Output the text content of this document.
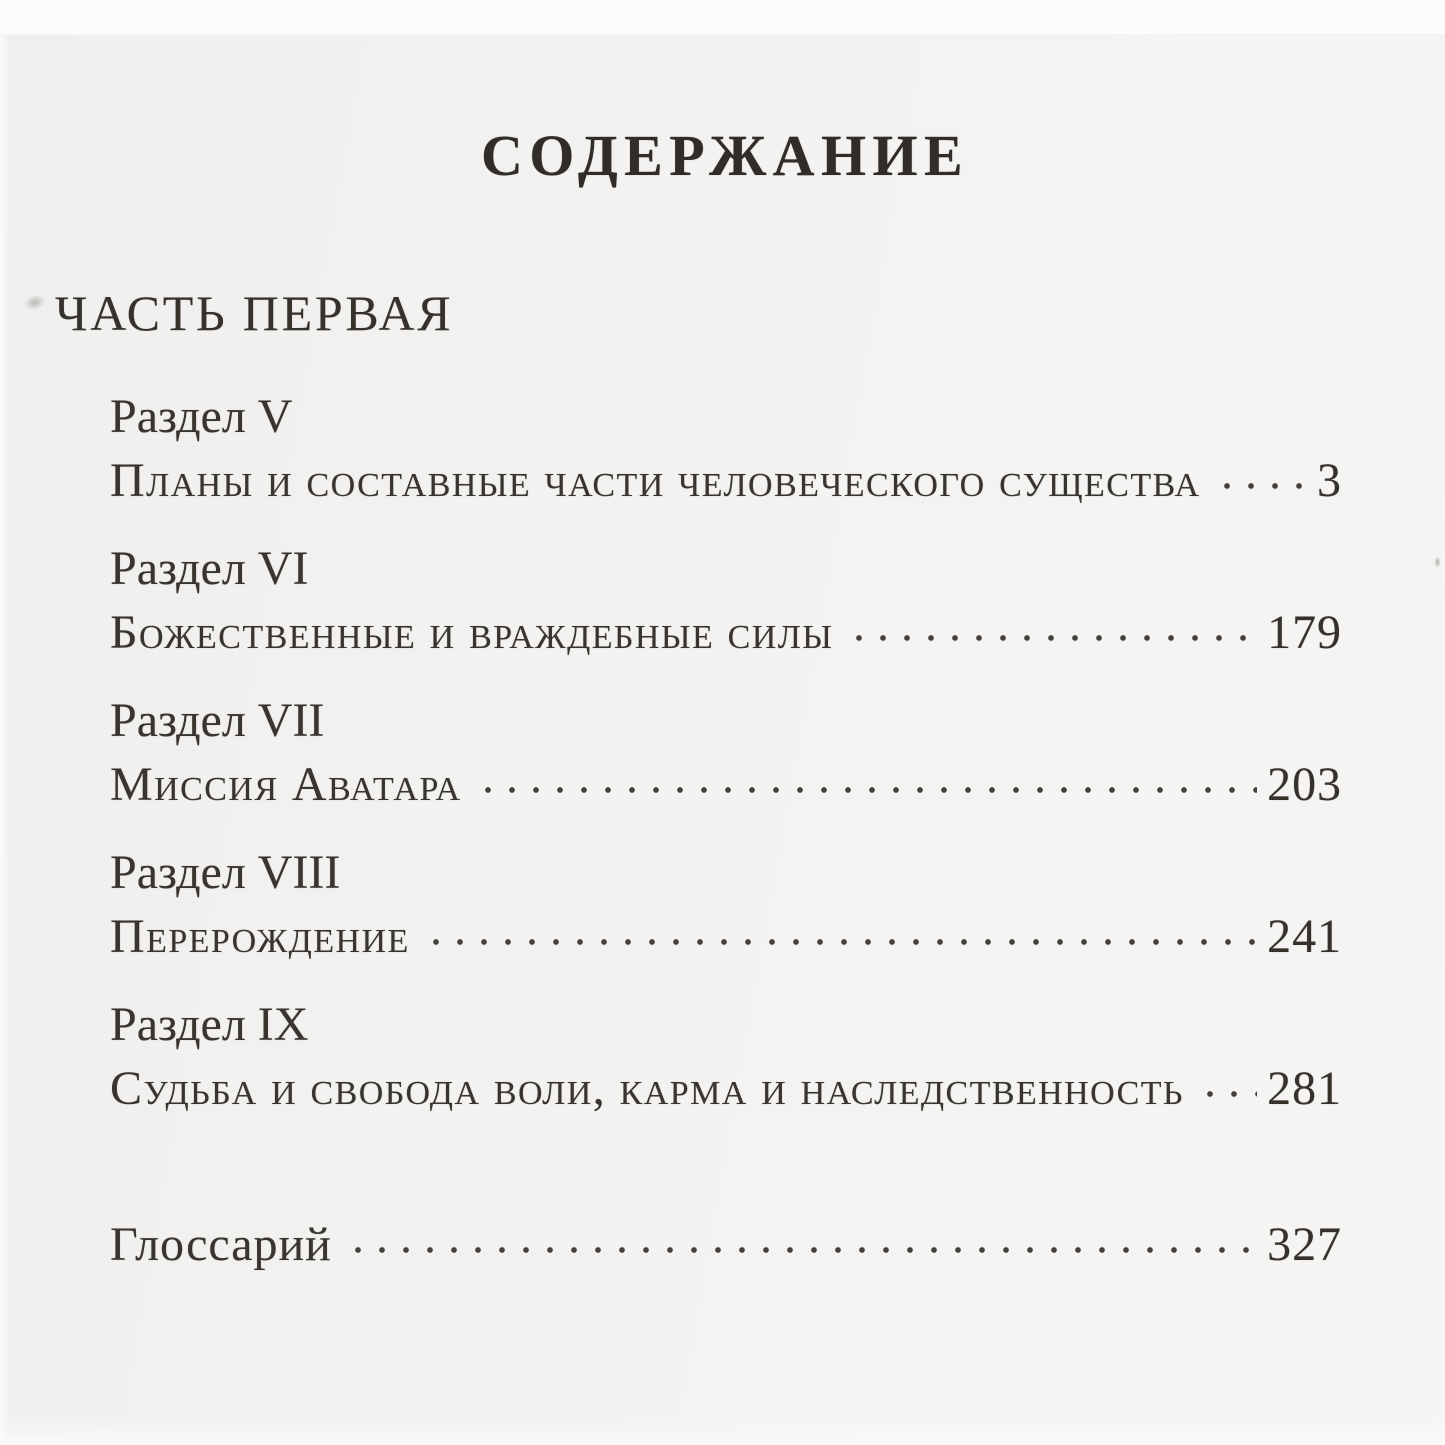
СОДЕРЖАНИЕ
ЧАСТЬ ПЕРВАЯ
Раздел V
Планы и составные части человеческого существа 3
Раздел VI
Божественные и враждебные силы	179
Раздел VII
Миссия Аватара	203
Раздел VIII
Перерождение	241
Раздел IX
Судьба и свобода воли, карма и наследственность 281
Глоссарий	327
